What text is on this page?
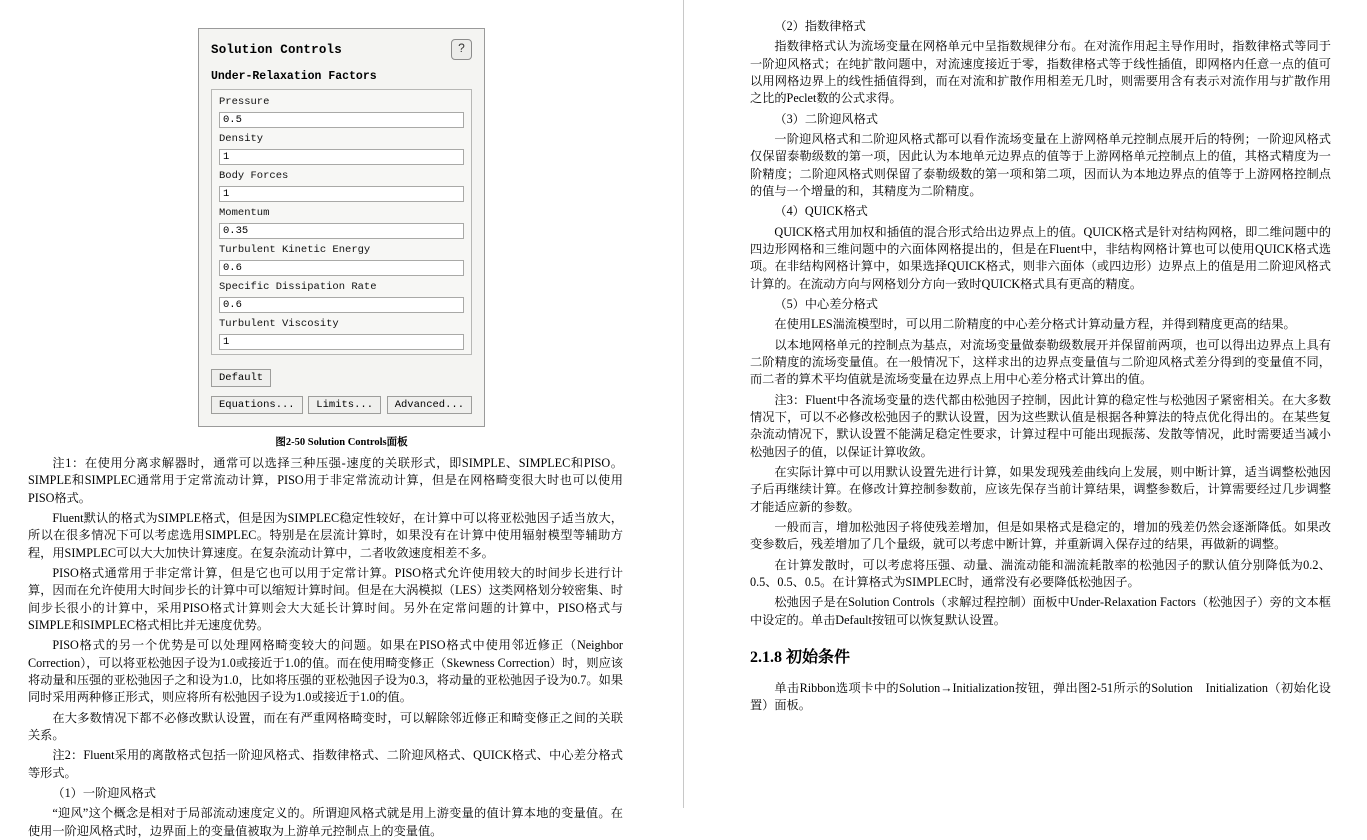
Solution Controls	?
Under-Relaxation Factors
Pressure
0.5
Density
1
Body Forces
1
Momentum
0.35
Turbulent Kinetic Energy
0.6
Specific Dissipation Rate
0.6
Turbulent Viscosity
1
Default
Equations...	Limits...	Advanced...
图2-50 Solution Controls面板

注1：在使用分离求解器时，通常可以选择三种压强-速度的关联形式，即SIMPLE、SIMPLEC和PISO。SIMPLE和SIMPLEC通常用于定常流动计算，PISO用于非定常流动计算，但是在网格畸变很大时也可以使用PISO格式。

Fluent默认的格式为SIMPLE格式，但是因为SIMPLEC稳定性较好，在计算中可以将亚松弛因子适当放大，所以在很多情况下可以考虑选用SIMPLEC。特别是在层流计算时，如果没有在计算中使用辐射模型等辅助方程，用SIMPLEC可以大大加快计算速度。在复杂流动计算中，二者收敛速度相差不多。

PISO格式通常用于非定常计算，但是它也可以用于定常计算。PISO格式允许使用较大的时间步长进行计算，因而在允许使用大时间步长的计算中可以缩短计算时间。但是在大涡模拟（LES）这类网格划分较密集、时间步长很小的计算中，采用PISO格式计算则会大大延长计算时间。另外在定常问题的计算中，PISO格式与SIMPLE和SIMPLEC格式相比并无速度优势。

PISO格式的另一个优势是可以处理网格畸变较大的问题。如果在PISO格式中使用邻近修正（Neighbor Correction），可以将亚松弛因子设为1.0或接近于1.0的值。而在使用畸变修正（Skewness Correction）时，则应该将动量和压强的亚松弛因子之和设为1.0，比如将压强的亚松弛因子设为0.3，将动量的亚松弛因子设为0.7。如果同时采用两种修正形式，则应将所有松弛因子设为1.0或接近于1.0的值。

在大多数情况下都不必修改默认设置，而在有严重网格畸变时，可以解除邻近修正和畸变修正之间的关联关系。

注2：Fluent采用的离散格式包括一阶迎风格式、指数律格式、二阶迎风格式、QUICK格式、中心差分格式等形式。

（1）一阶迎风格式

“迎风”这个概念是相对于局部流动速度定义的。所谓迎风格式就是用上游变量的值计算本地的变量值。在使用一阶迎风格式时，边界面上的变量值被取为上游单元控制点上的变量值。

（2）指数律格式

指数律格式认为流场变量在网格单元中呈指数规律分布。在对流作用起主导作用时，指数律格式等同于一阶迎风格式；在纯扩散问题中，对流速度接近于零，指数律格式等于线性插值，即网格内任意一点的值可以用网格边界上的线性插值得到，而在对流和扩散作用相差无几时，则需要用含有表示对流作用与扩散作用之比的Peclet数的公式求得。

（3）二阶迎风格式

一阶迎风格式和二阶迎风格式都可以看作流场变量在上游网格单元控制点展开后的特例；一阶迎风格式仅保留泰勒级数的第一项，因此认为本地单元边界点的值等于上游网格单元控制点上的值，其格式精度为一阶精度；二阶迎风格式则保留了泰勒级数的第一项和第二项，因而认为本地边界点的值等于上游网格控制点的值与一个增量的和，其精度为二阶精度。

（4）QUICK格式

QUICK格式用加权和插值的混合形式给出边界点上的值。QUICK格式是针对结构网格，即二维问题中的四边形网格和三维问题中的六面体网格提出的，但是在Fluent中，非结构网格计算也可以使用QUICK格式选项。在非结构网格计算中，如果选择QUICK格式，则非六面体（或四边形）边界点上的值是用二阶迎风格式计算的。在流动方向与网格划分方向一致时QUICK格式具有更高的精度。

（5）中心差分格式

在使用LES湍流模型时，可以用二阶精度的中心差分格式计算动量方程，并得到精度更高的结果。

以本地网格单元的控制点为基点，对流场变量做泰勒级数展开并保留前两项，也可以得出边界点上具有二阶精度的流场变量值。在一般情况下，这样求出的边界点变量值与二阶迎风格式差分得到的变量值不同，而二者的算术平均值就是流场变量在边界点上用中心差分格式计算出的值。

注3：Fluent中各流场变量的迭代都由松弛因子控制，因此计算的稳定性与松弛因子紧密相关。在大多数情况下，可以不必修改松弛因子的默认设置，因为这些默认值是根据各种算法的特点优化得出的。在某些复杂流动情况下，默认设置不能满足稳定性要求，计算过程中可能出现振荡、发散等情况，此时需要适当减小松弛因子的值，以保证计算收敛。

在实际计算中可以用默认设置先进行计算，如果发现残差曲线向上发展，则中断计算，适当调整松弛因子后再继续计算。在修改计算控制参数前，应该先保存当前计算结果，调整参数后，计算需要经过几步调整才能适应新的参数。

一般而言，增加松弛因子将使残差增加，但是如果格式是稳定的，增加的残差仍然会逐渐降低。如果改变参数后，残差增加了几个量级，就可以考虑中断计算，并重新调入保存过的结果，再做新的调整。

在计算发散时，可以考虑将压强、动量、湍流动能和湍流耗散率的松弛因子的默认值分别降低为0.2、0.5、0.5、0.5。在计算格式为SIMPLEC时，通常没有必要降低松弛因子。

松弛因子是在Solution Controls（求解过程控制）面板中Under-Relaxation Factors（松弛因子）旁的文本框中设定的。单击Default按钮可以恢复默认设置。

2.1.8 初始条件

单击Ribbon选项卡中的Solution→Initialization按钮，弹出图2-51所示的Solution　Initialization（初始化设置）面板。
